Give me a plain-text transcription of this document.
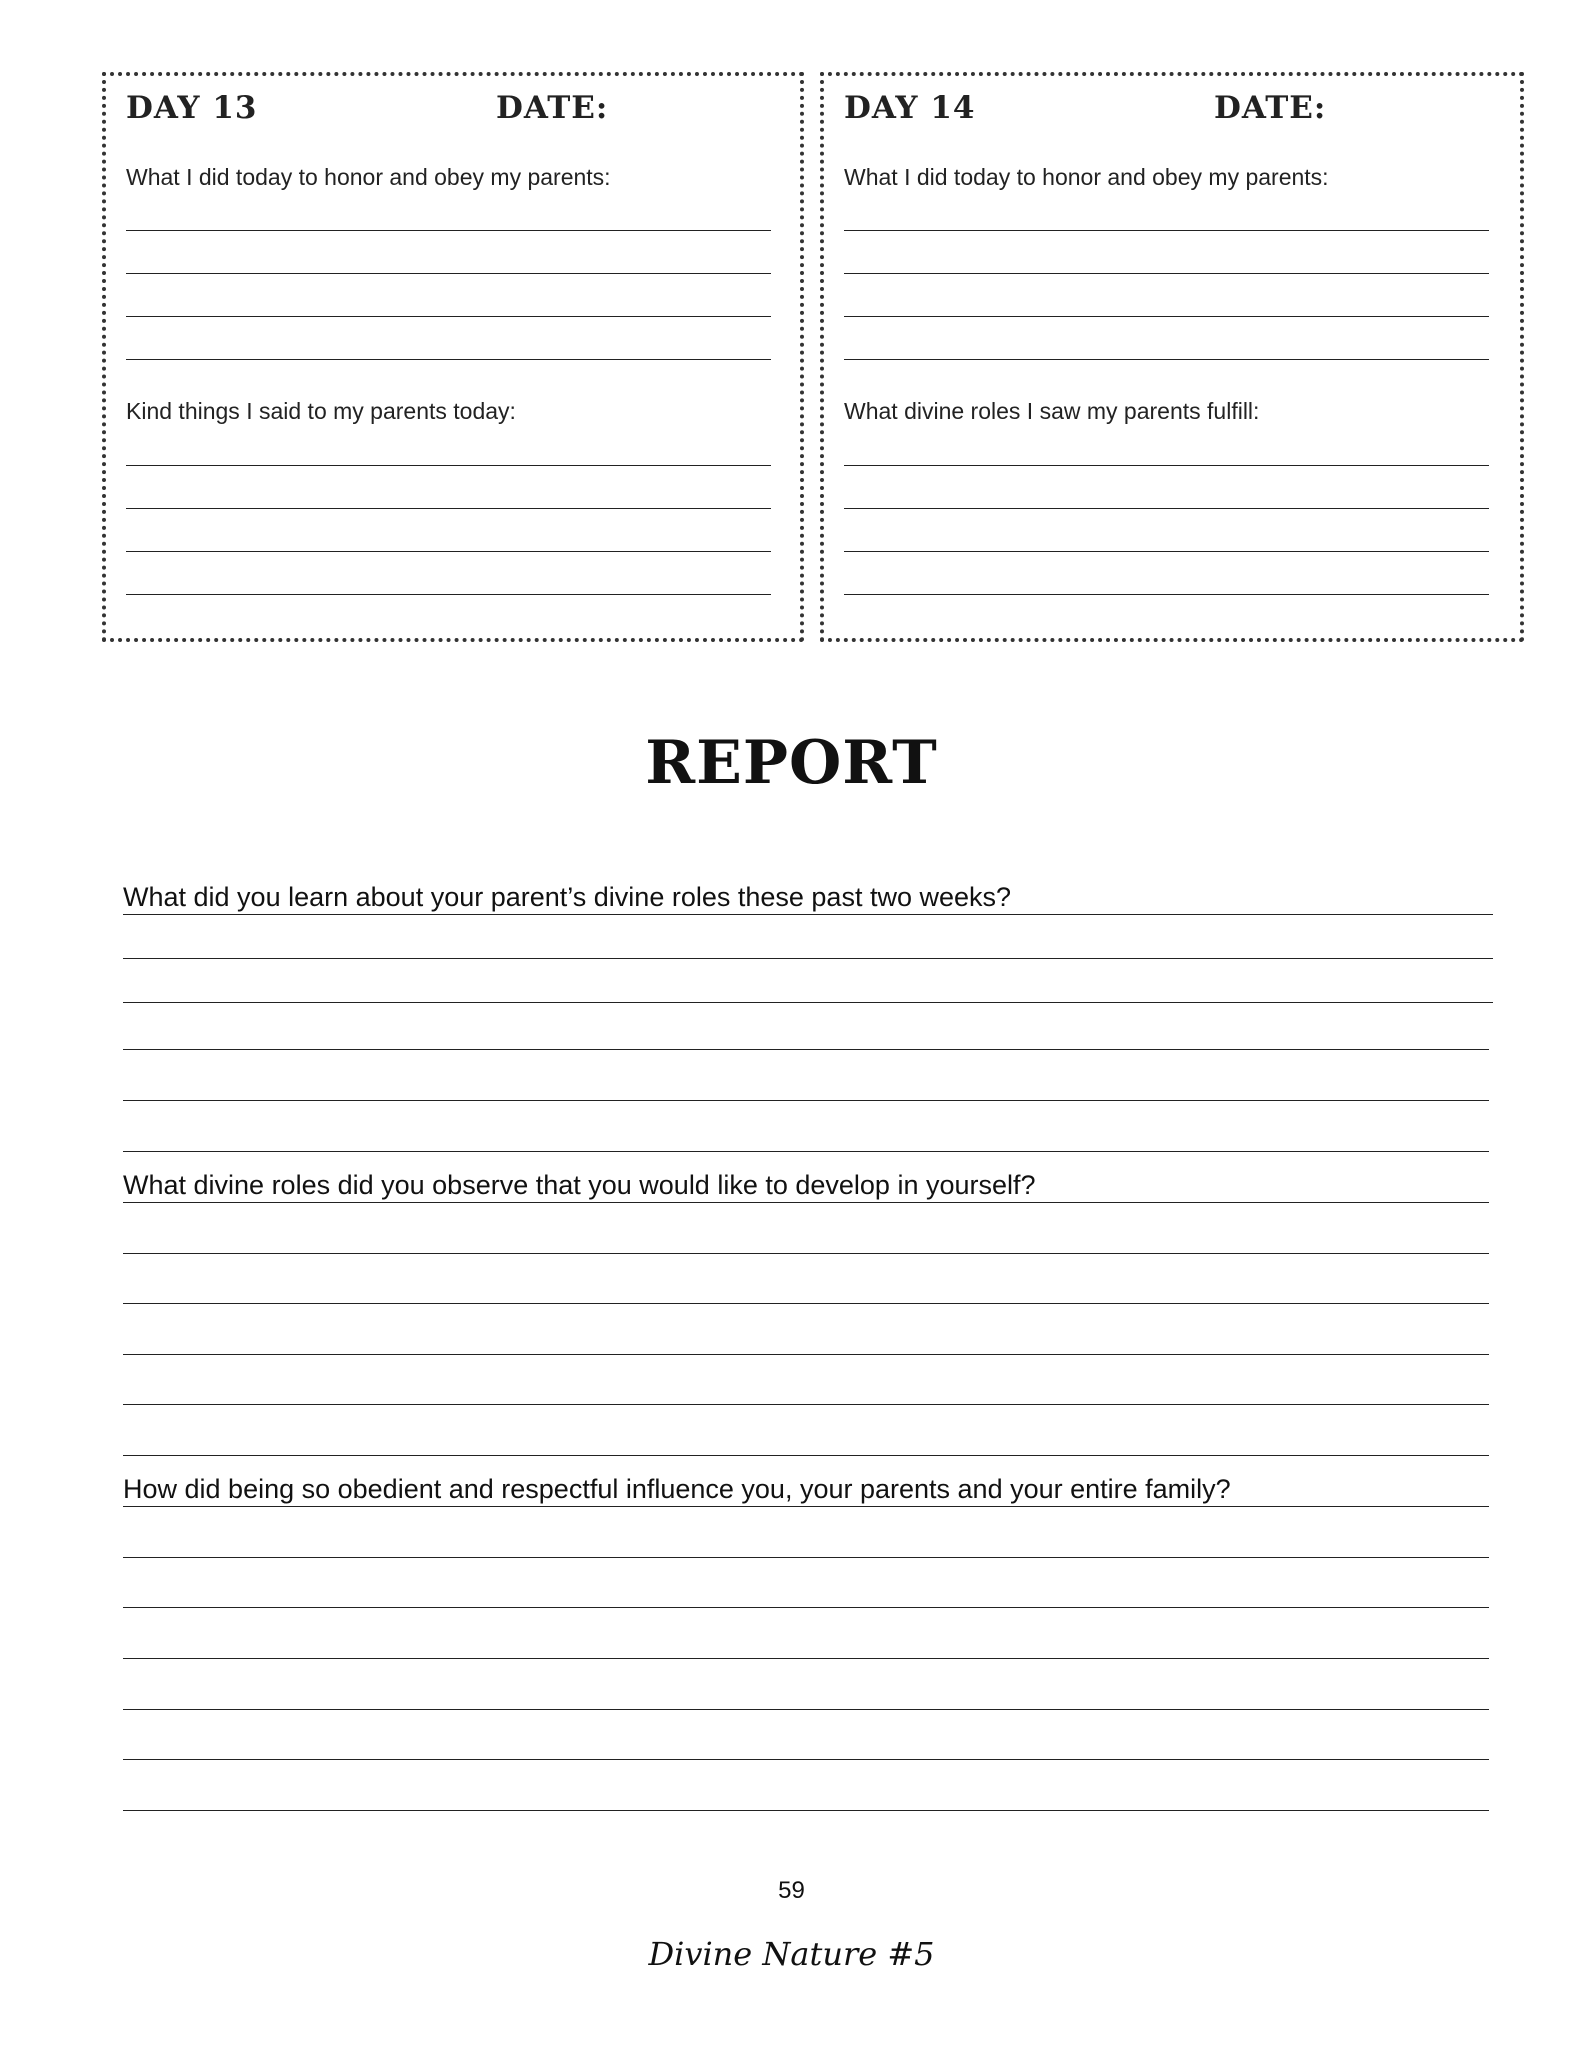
DAY 13	DATE:
What I did today to honor and obey my parents:
Kind things I said to my parents today:
DAY 14	DATE:
What I did today to honor and obey my parents:
What divine roles I saw my parents fulfill:
REPORT
What did you learn about your parent’s divine roles these past two weeks?
What divine roles did you observe that you would like to develop in yourself?
How did being so obedient and respectful influence you, your parents and your entire family?
59
Divine Nature #5
